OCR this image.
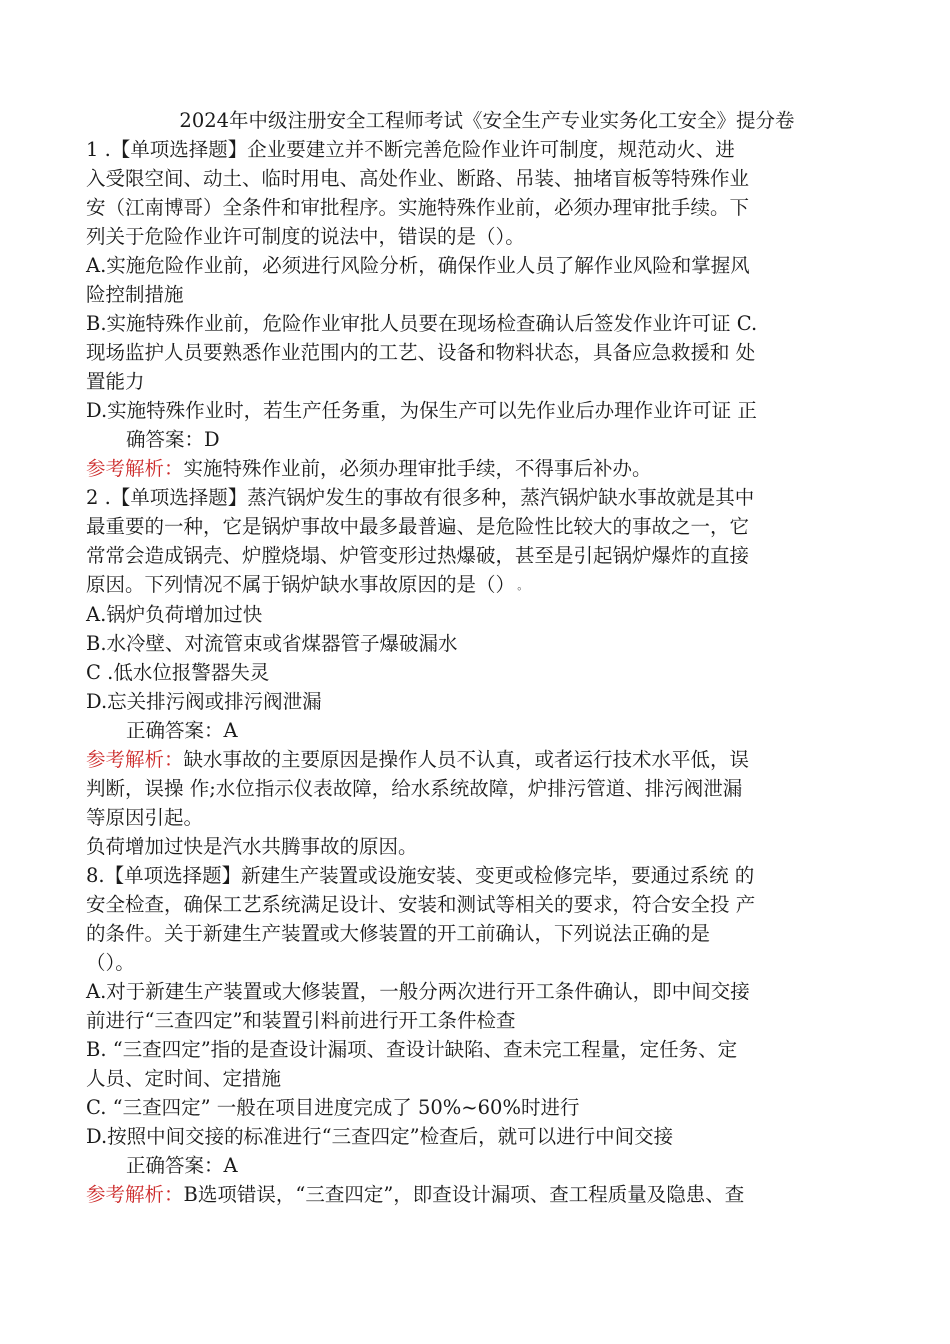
2024年中级注册安全工程师考试《安全生产专业实务化工安全》提分卷

1 .【单项选择题】企业要建立并不断完善危险作业许可制度，规范动火、进

入受限空间、动土、临时用电、高处作业、断路、吊装、抽堵盲板等特殊作业

安（江南博哥）全条件和审批程序。实施特殊作业前，必须办理审批手续。下

列关于危险作业许可制度的说法中，错误的是（）。

A.实施危险作业前，必须进行风险分析，确保作业人员了解作业风险和掌握风

险控制措施

B.实施特殊作业前，危险作业审批人员要在现场检查确认后签发作业许可证 C.

现场监护人员要熟悉作业范围内的工艺、设备和物料状态，具备应急救援和 处

置能力

D.实施特殊作业时，若生产任务重，为保生产可以先作业后办理作业许可证 正

确答案：D

参考解析：实施特殊作业前，必须办理审批手续，不得事后补办。

2 .【单项选择题】蒸汽锅炉发生的事故有很多种，蒸汽锅炉缺水事故就是其中

最重要的一种，它是锅炉事故中最多最普遍、是危险性比较大的事故之一，它

常常会造成锅壳、炉膛烧塌、炉管变形过热爆破，甚至是引起锅炉爆炸的直接

原因。下列情况不属于锅炉缺水事故原因的是（） 。

A.锅炉负荷增加过快

B.水冷壁、对流管束或省煤器管子爆破漏水

C .低水位报警器失灵

D.忘关排污阀或排污阀泄漏

正确答案：A

参考解析：缺水事故的主要原因是操作人员不认真，或者运行技术水平低，误

判断，误操 作;水位指示仪表故障，给水系统故障，炉排污管道、排污阀泄漏

等原因引起。

负荷增加过快是汽水共腾事故的原因。

8.【单项选择题】新建生产装置或设施安装、变更或检修完毕，要通过系统 的

安全检查，确保工艺系统满足设计、安装和测试等相关的要求，符合安全投 产

的条件。关于新建生产装置或大修装置的开工前确认，下列说法正确的是

（）。

A.对于新建生产装置或大修装置，一般分两次进行开工条件确认，即中间交接

前进行“三查四定”和装置引料前进行开工条件检查

B. “三查四定”指的是查设计漏项、查设计缺陷、查未完工程量，定任务、定

人员、定时间、定措施

C. “三查四定” 一般在项目进度完成了 50%~60%时进行

D.按照中间交接的标准进行“三查四定”检查后，就可以进行中间交接

正确答案：A

参考解析：B选项错误，“三查四定”，即查设计漏项、查工程质量及隐患、查
